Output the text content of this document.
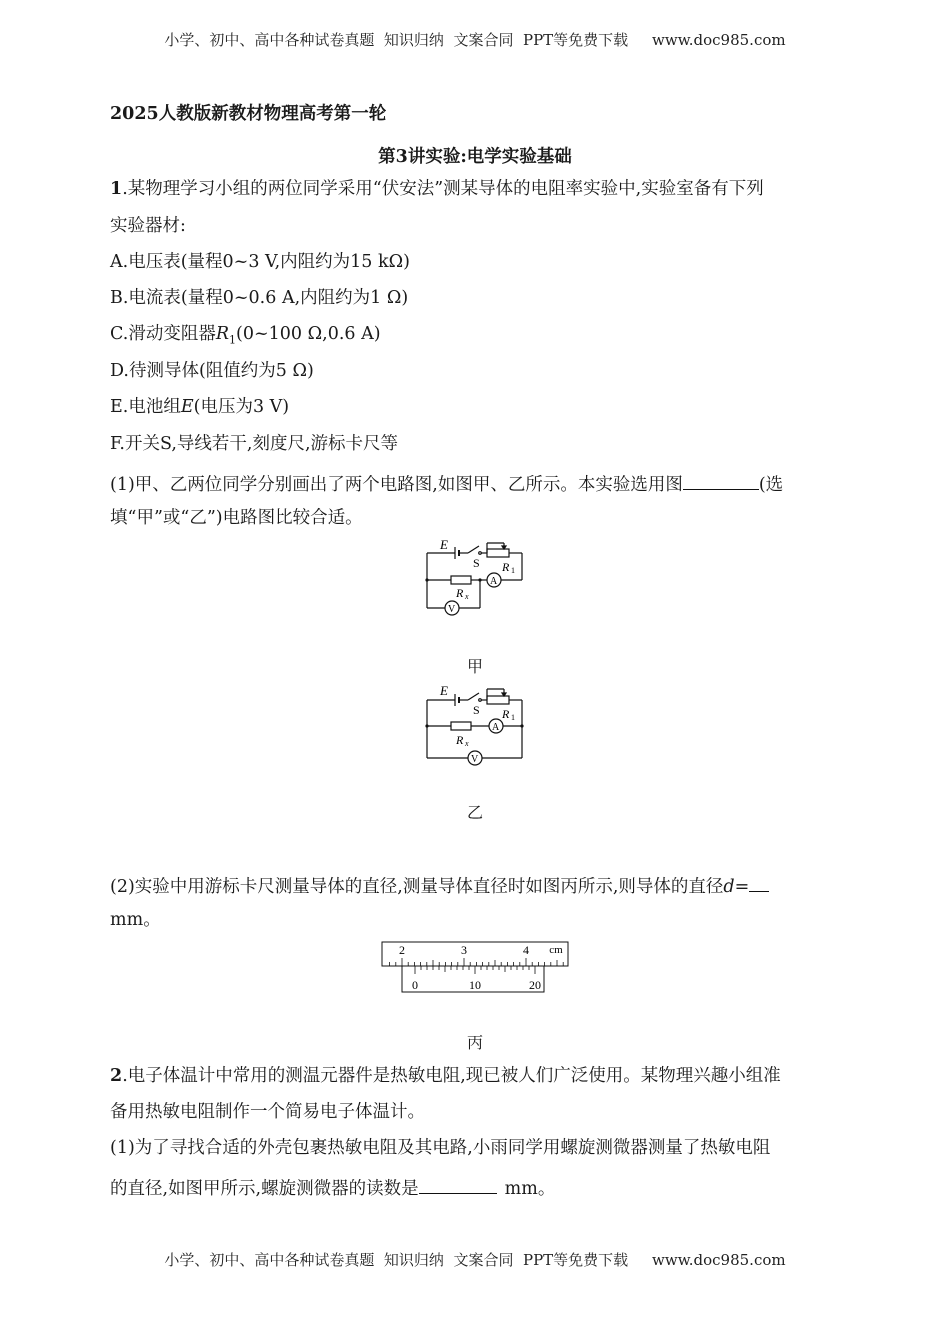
小学、初中、高中各种试卷真题  知识归纳  文案合同  PPT等免费下载     www.doc985.com
小学、初中、高中各种试卷真题  知识归纳  文案合同  PPT等免费下载     www.doc985.com
2025人教版新教材物理高考第一轮
第3讲实验:电学实验基础
1.某物理学习小组的两位同学采用“伏安法”测某导体的电阻率实验中,实验室备有下列
实验器材:
A.电压表(量程0~3 V,内阻约为15 kΩ)
B.电流表(量程0~0.6 A,内阻约为1 Ω)
C.滑动变阻器$R_1(0\sim 100$ Ω,0.6 A)
D.待测导体(阻值约为5 Ω)
E.电池组E(电压为3 V)
F.开关S,导线若干,刻度尺,游标卡尺等
(1)甲、乙两位同学分别画出了两个电路图,如图甲、乙所示。本实验选用图	(选
填“甲”或“乙”)电路图比较合适。
E
S R 1
A
R x
V
甲
E
S R 1
A
R x
V
乙
(2)实验中用游标卡尺测量导体的直径,测量导体直径时如图丙所示,则导体的直径d=
mm。
2	3	4 cm
0	10	20
丙
2.电子体温计中常用的测温元器件是热敏电阻,现已被人们广泛使用。某物理兴趣小组准
备用热敏电阻制作一个简易电子体温计。
(1)为了寻找合适的外壳包裹热敏电阻及其电路,小雨同学用螺旋测微器测量了热敏电阻
的直径,如图甲所示,螺旋测微器的读数是	mm。
